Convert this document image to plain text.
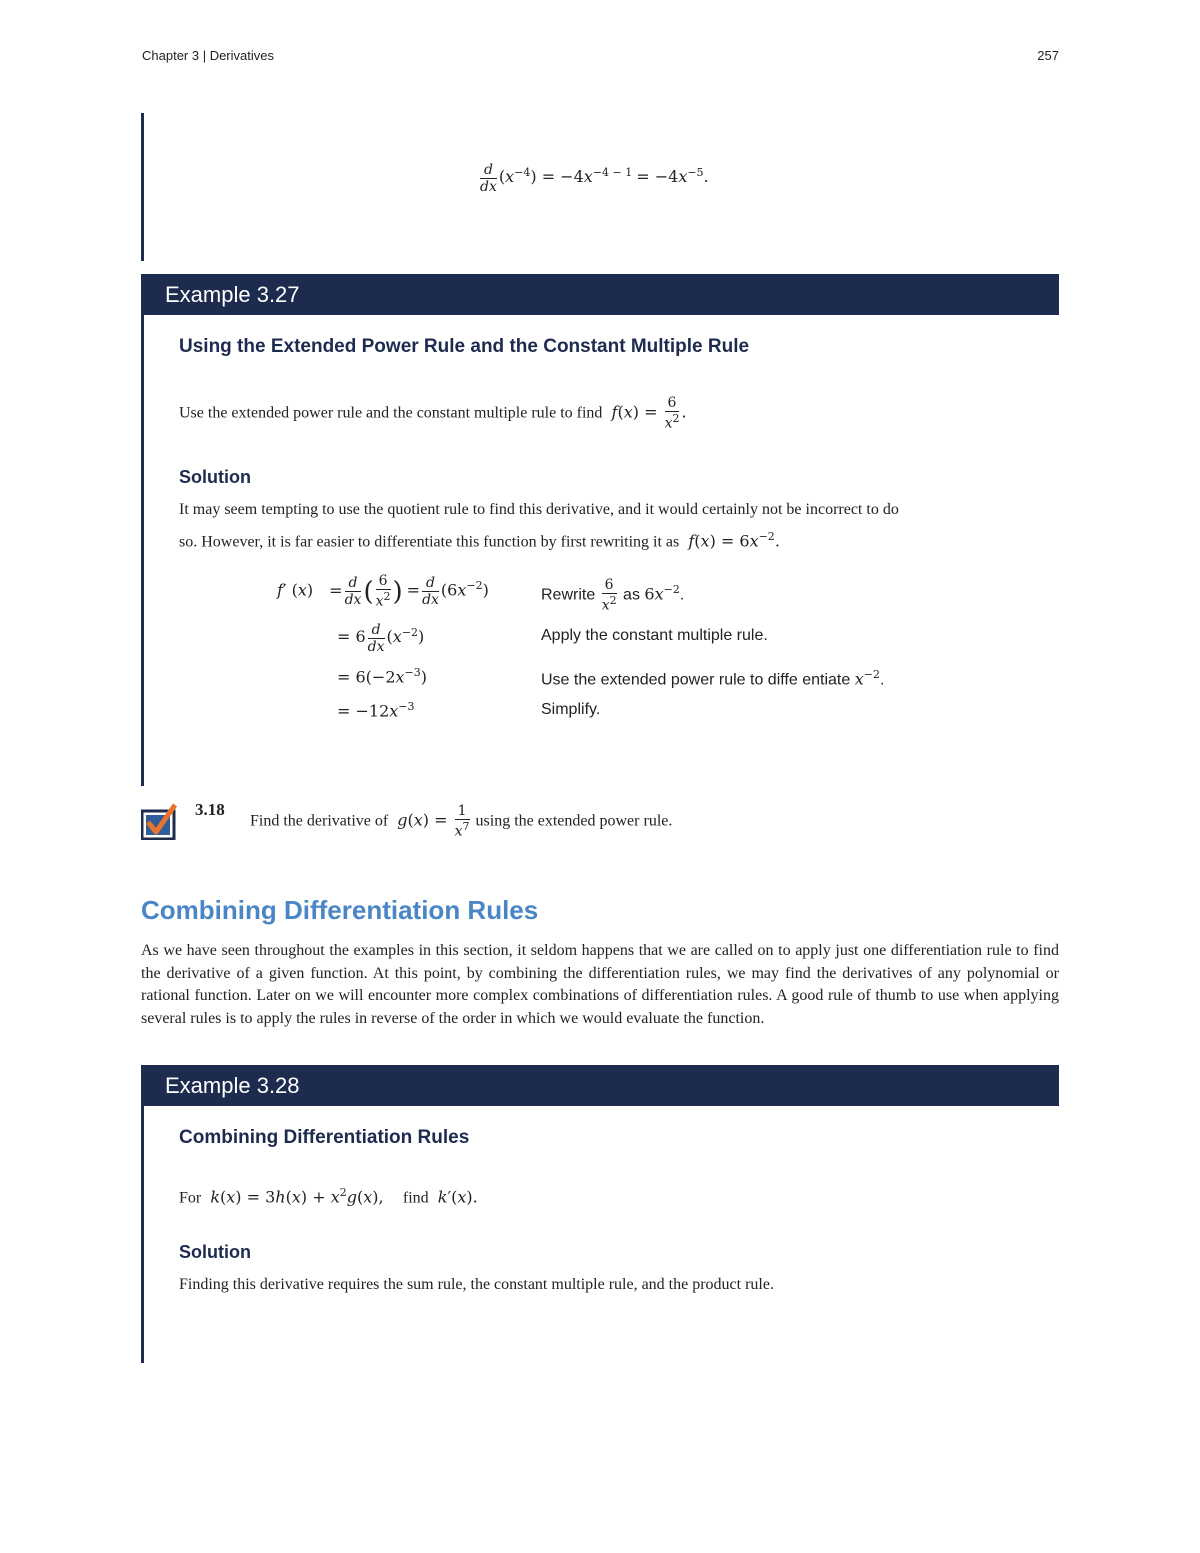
Chapter 3 | Derivatives	257
$\frac{d}{dx} (x^{-4}) = -4x^{-4 - 1} = -4x^{-5}$.
Example 3.27
Using the Extended Power Rule and the Constant Multiple Rule
Use the extended power rule and the constant multiple rule to find  $f(x) = \frac{6}{x^2}$ .
Solution
It may seem tempting to use the quotient rule to find this derivative, and it would certainly not be incorrect to do
so. However, it is far easier to differentiate this function by first rewriting it as  $f(x) = 6x^{-2}$.
f′ $(x) = \frac{d}{dx}$ ( $\frac{6}{x^2}$ ) = $\frac{d}{dx} (6x^{-2})$	Rewrite $\frac{6}{x^2}$ as $6x^{-2}$.
= $6 \frac{d}{dx} (x^{-2})$	Apply the constant multiple rule.
= $6(-2x^{-3})$	Use the extended power rule to diffe entiate $x^{-2}$.
= $-12x^{-3}$	Simplify.
3.18
Find the derivative of  $g(x) = \frac{1}{x^7}$ using the extended power rule.
Combining Differentiation Rules
As we have seen throughout the examples in this section, it seldom happens that we are called on to apply just one differentiation rule to find the derivative of a given function. At this point, by combining the differentiation rules, we may find the derivatives of any polynomial or rational function. Later on we will encounter more complex combinations of differentiation rules. A good rule of thumb to use when applying several rules is to apply the rules in reverse of the order in which we would evaluate the function.
Example 3.28
Combining Differentiation Rules
For  $k(x) = 3h(x) + x^2g(x)$,    find  k′(x).
Solution
Finding this derivative requires the sum rule, the constant multiple rule, and the product rule.
